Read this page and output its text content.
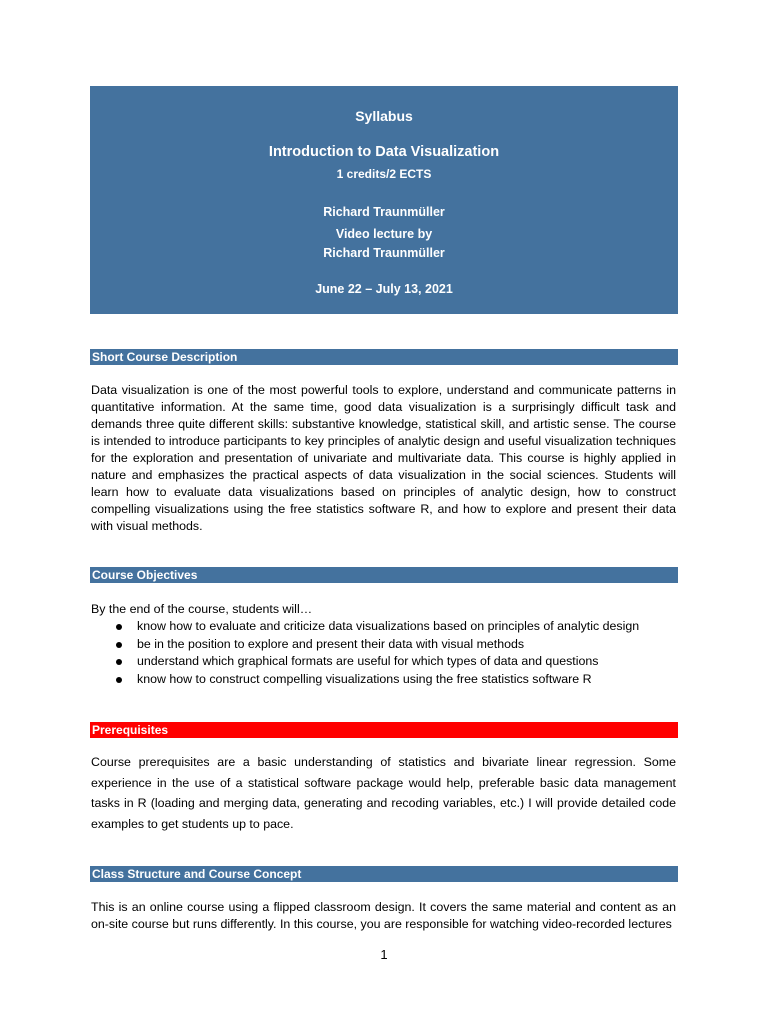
Syllabus
Introduction to Data Visualization
1 credits/2 ECTS
Richard Traunmüller
Video lecture by
Richard Traunmüller
June 22 – July 13, 2021
Short Course Description

Data visualization is one of the most powerful tools to explore, understand and communicate patterns in quantitative information. At the same time, good data visualization is a surprisingly difficult task and demands three quite different skills: substantive knowledge, statistical skill, and artistic sense. The course is intended to introduce participants to key principles of analytic design and useful visualization techniques for the exploration and presentation of univariate and multivariate data. This course is highly applied in nature and emphasizes the practical aspects of data visualization in the social sciences. Students will learn how to evaluate data visualizations based on principles of analytic design, how to construct compelling visualizations using the free statistics software R, and how to explore and present their data with visual methods.

Course Objectives

By the end of the course, students will…

know how to evaluate and criticize data visualizations based on principles of analytic design
be in the position to explore and present their data with visual methods
understand which graphical formats are useful for which types of data and questions
know how to construct compelling visualizations using the free statistics software R
Prerequisites

Course prerequisites are a basic understanding of statistics and bivariate linear regression. Some experience in the use of a statistical software package would help, preferable basic data management tasks in R (loading and merging data, generating and recoding variables, etc.) I will provide detailed code examples to get students up to pace.

Class Structure and Course Concept

This is an online course using a flipped classroom design. It covers the same material and content as an on-site course but runs differently. In this course, you are responsible for watching video-recorded lectures

1
